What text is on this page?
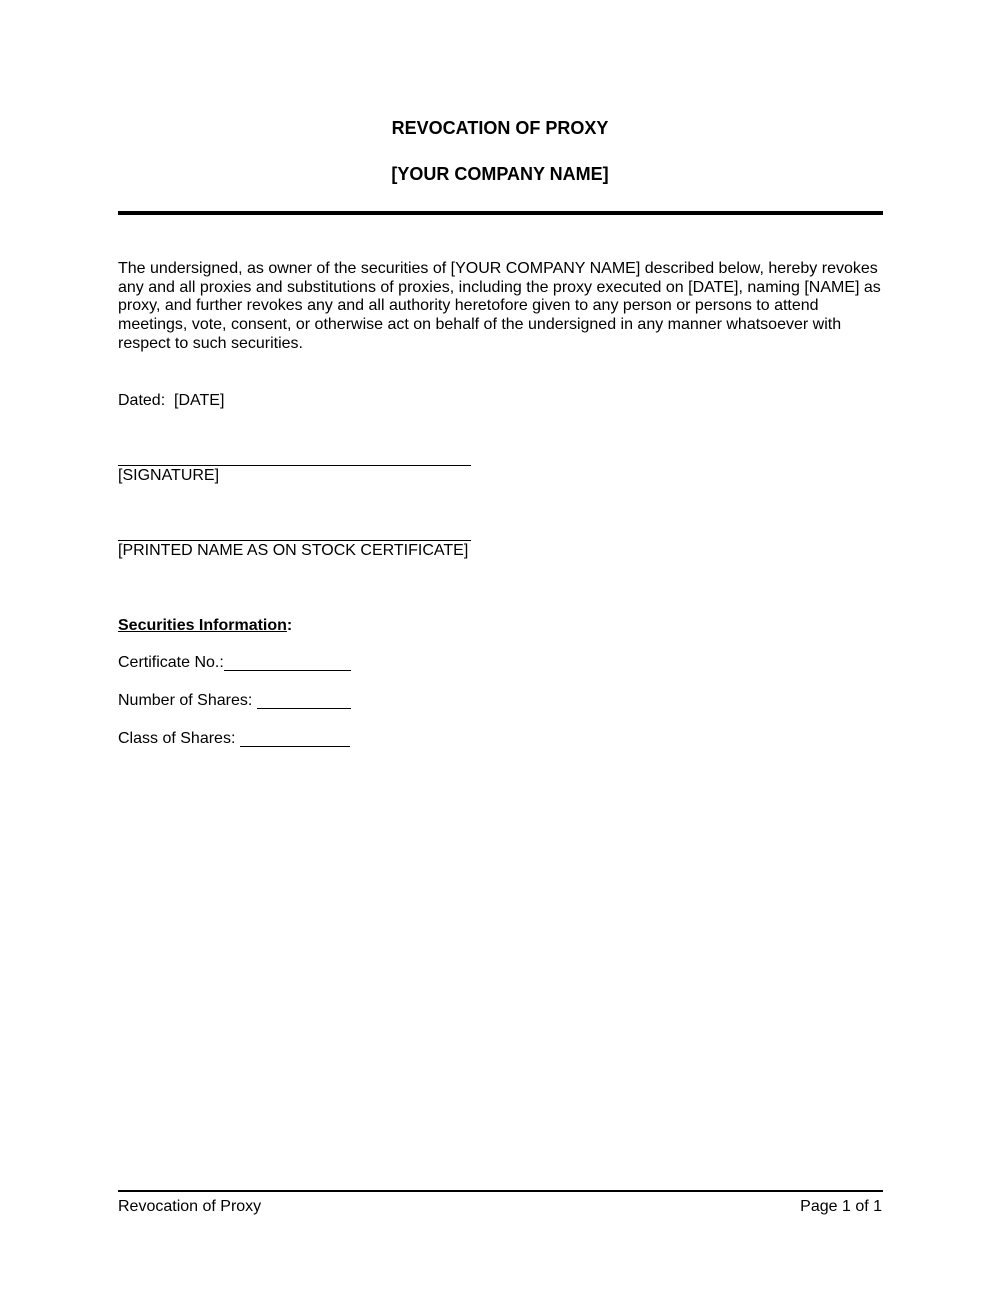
REVOCATION OF PROXY
[YOUR COMPANY NAME]

The undersigned, as owner of the securities of [YOUR COMPANY NAME] described below, hereby revokes any and all proxies and substitutions of proxies, including the proxy executed on [DATE], naming [NAME] as proxy, and further revokes any and all authority heretofore given to any person or persons to attend meetings, vote, consent, or otherwise act on behalf of the undersigned in any manner whatsoever with respect to such securities.

Dated: [DATE]
[SIGNATURE]
[PRINTED NAME AS ON STOCK CERTIFICATE]
Securities Information:
Certificate No.:
Number of Shares:
Class of Shares:
Revocation of Proxy	Page 1 of 1
